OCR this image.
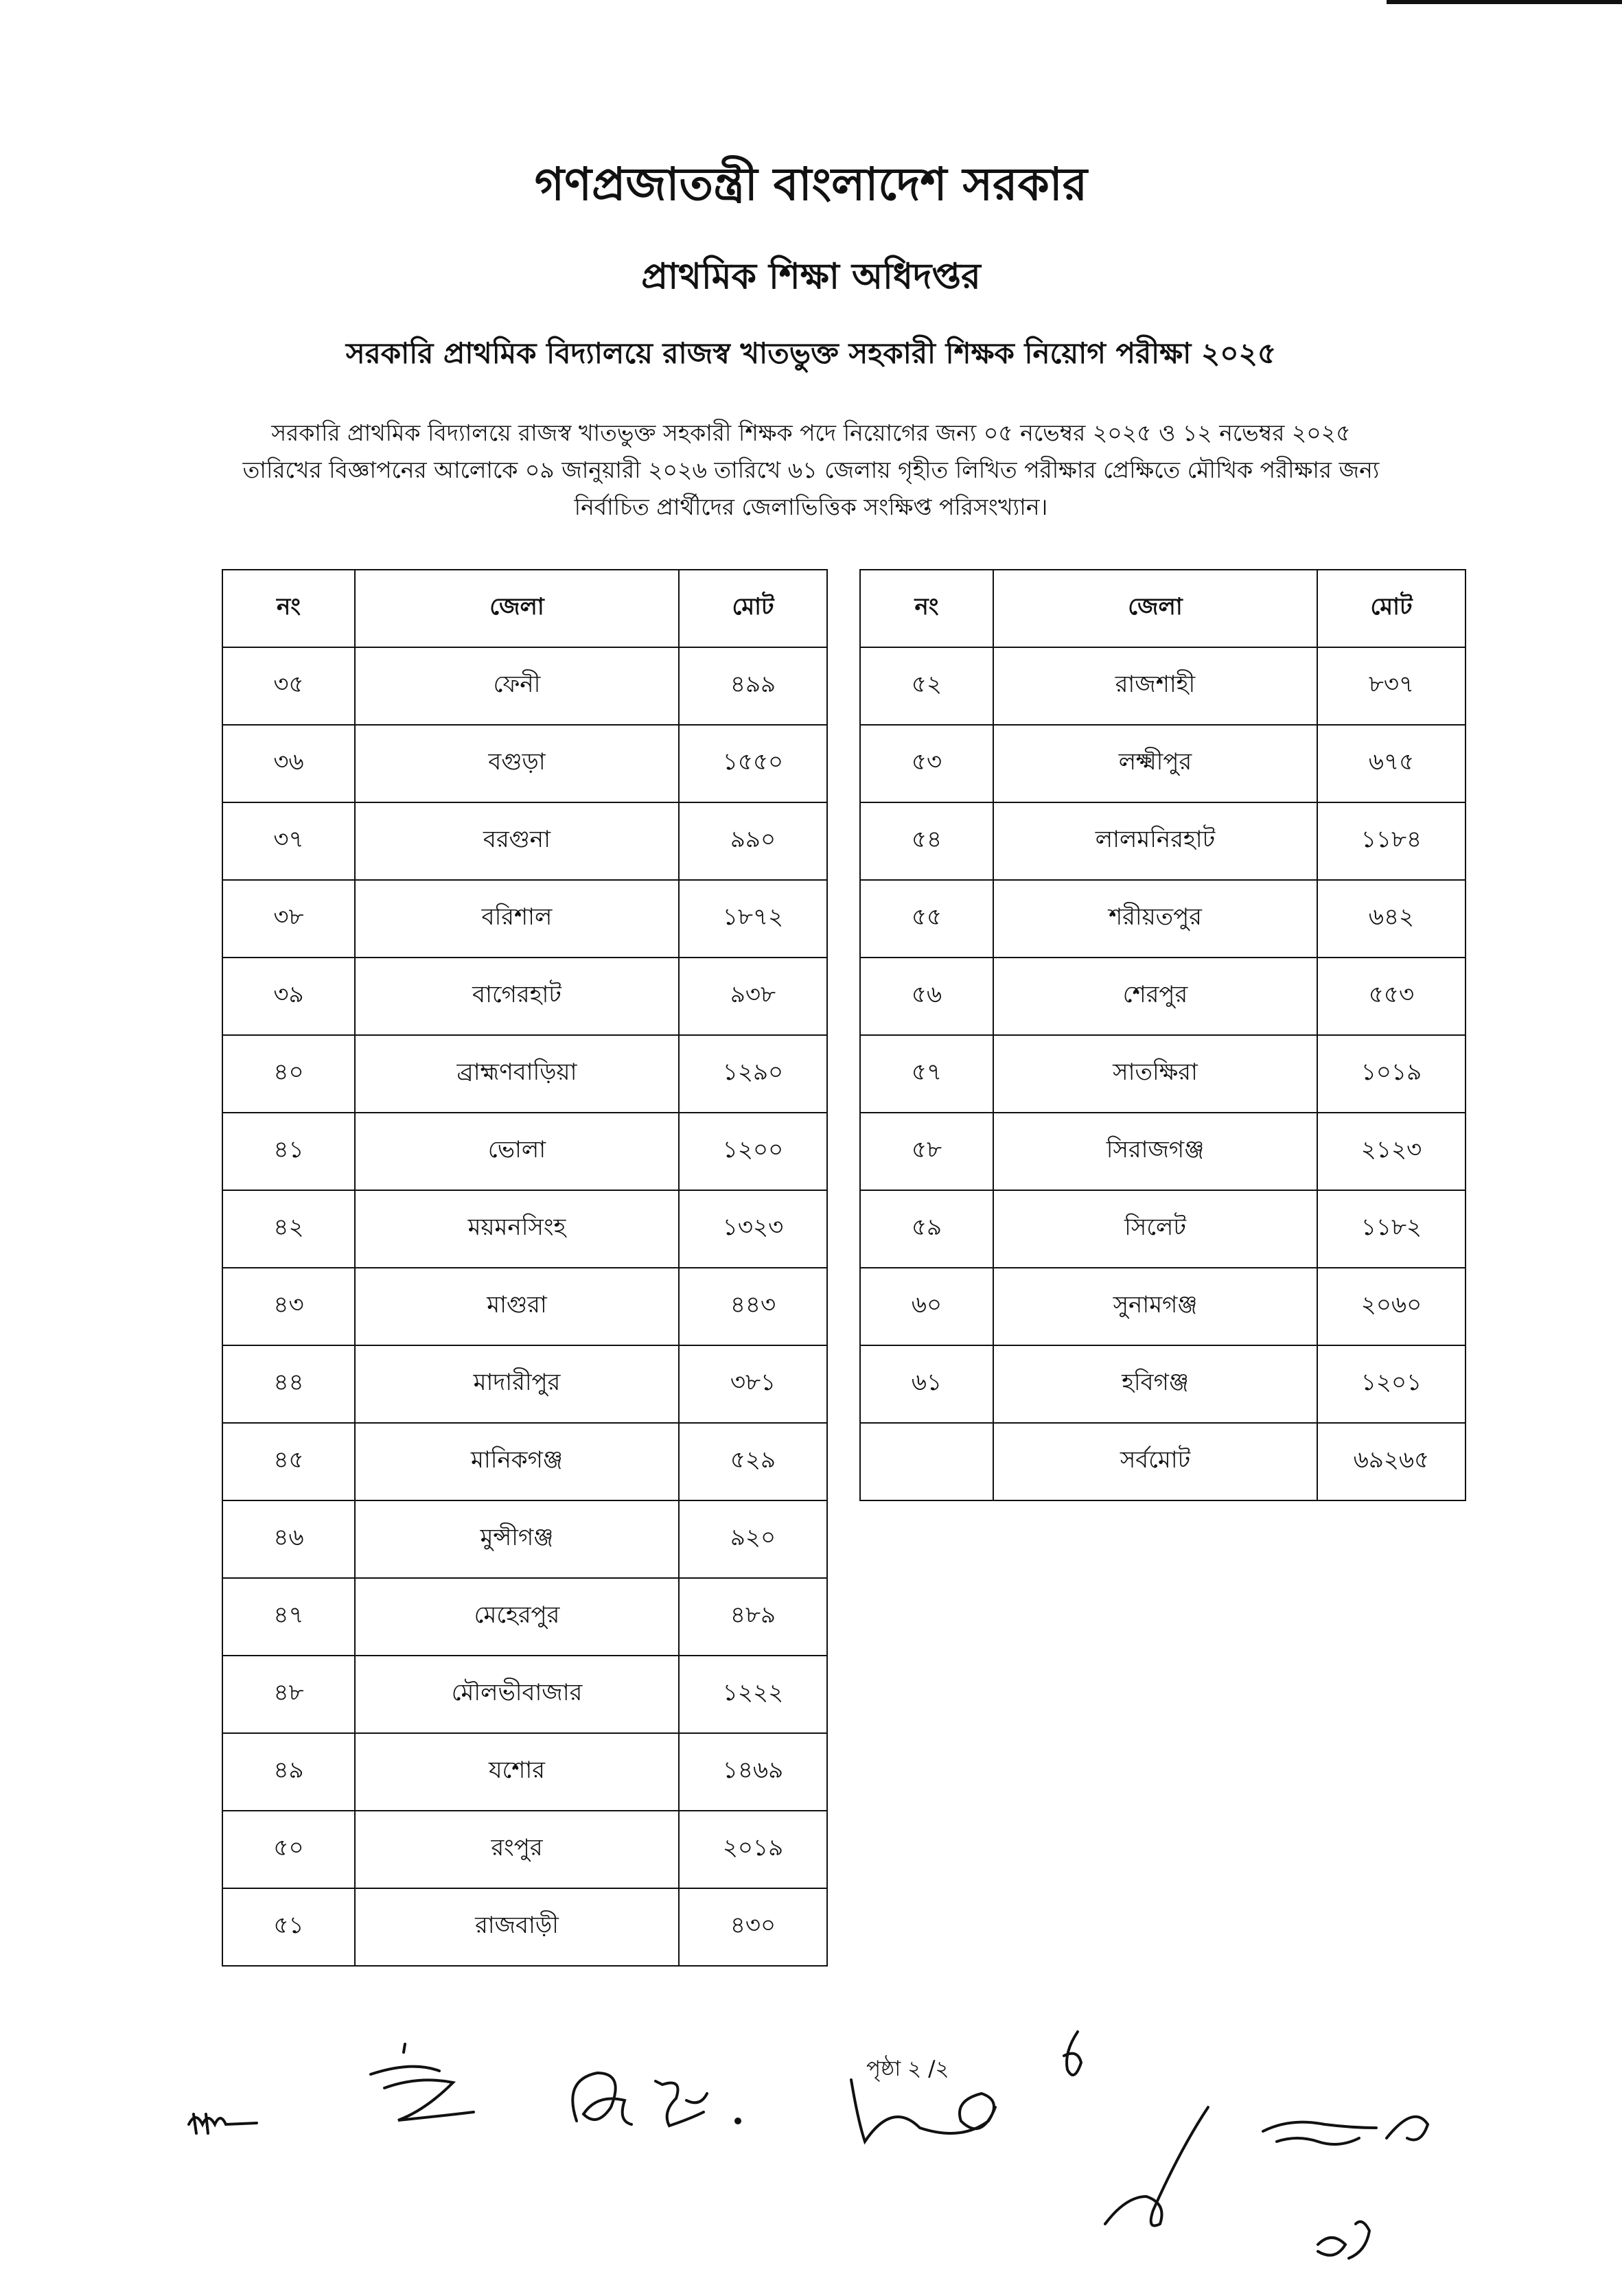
গণপ্রজাতন্ত্রী বাংলাদেশ সরকার
প্রাথমিক শিক্ষা অধিদপ্তর
সরকারি প্রাথমিক বিদ্যালয়ে রাজস্ব খাতভুক্ত সহকারী শিক্ষক নিয়োগ পরীক্ষা ২০২৫
সরকারি প্রাথমিক বিদ্যালয়ে রাজস্ব খাতভুক্ত সহকারী শিক্ষক পদে নিয়োগের জন্য ০৫ নভেম্বর ২০২৫ ও ১২ নভেম্বর ২০২৫
তারিখের বিজ্ঞাপনের আলোকে ০৯ জানুয়ারী ২০২৬ তারিখে ৬১ জেলায় গৃহীত লিখিত পরীক্ষার প্রেক্ষিতে মৌখিক পরীক্ষার জন্য
নির্বাচিত প্রার্থীদের জেলাভিত্তিক সংক্ষিপ্ত পরিসংখ্যান।
নং	জেলা	মোট
৩৫	ফেনী	৪৯৯
৩৬	বগুড়া	১৫৫০
৩৭	বরগুনা	৯৯০
৩৮	বরিশাল	১৮৭২
৩৯	বাগেরহাট	৯৩৮
৪০	ব্রাহ্মণবাড়িয়া	১২৯০
৪১	ভোলা	১২০০
৪২	ময়মনসিংহ	১৩২৩
৪৩	মাগুরা	৪৪৩
৪৪	মাদারীপুর	৩৮১
৪৫	মানিকগঞ্জ	৫২৯
৪৬	মুন্সীগঞ্জ	৯২০
৪৭	মেহেরপুর	৪৮৯
৪৮	মৌলভীবাজার	১২২২
৪৯	যশোর	১৪৬৯
৫০	রংপুর	২০১৯
৫১	রাজবাড়ী	৪৩০
নং	জেলা	মোট
৫২	রাজশাহী	৮৩৭
৫৩	লক্ষ্মীপুর	৬৭৫
৫৪	লালমনিরহাট	১১৮৪
৫৫	শরীয়তপুর	৬৪২
৫৬	শেরপুর	৫৫৩
৫৭	সাতক্ষিরা	১০১৯
৫৮	সিরাজগঞ্জ	২১২৩
৫৯	সিলেট	১১৮২
৬০	সুনামগঞ্জ	২০৬০
৬১	হবিগঞ্জ	১২০১
	সর্বমোট	৬৯২৬৫
পৃষ্ঠা ২ /২
